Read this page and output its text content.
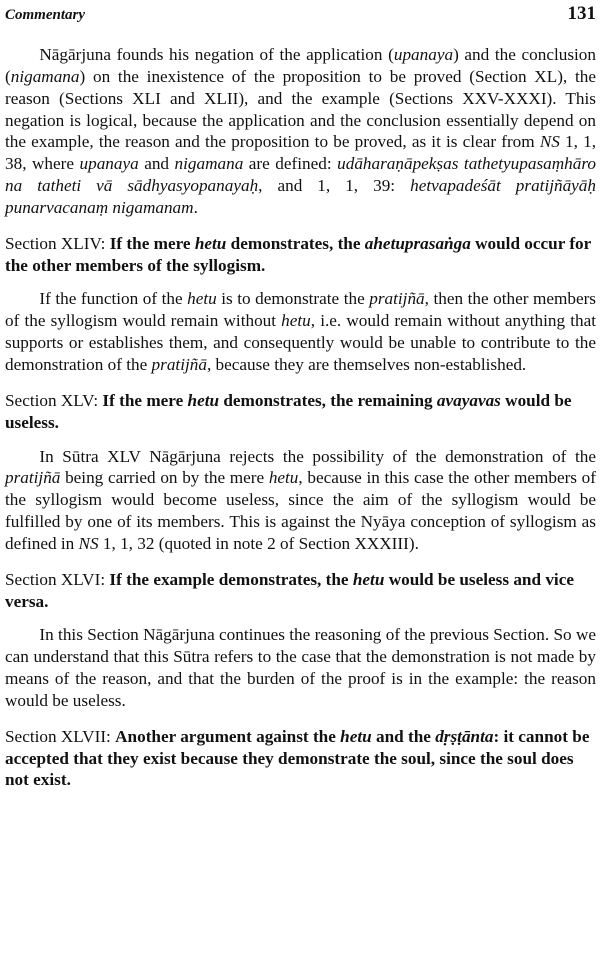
Commentary	131

Nāgārjuna founds his negation of the application (upanaya) and the conclusion (nigamana) on the inexistence of the proposition to be proved (Section XL), the reason (Sections XLI and XLII), and the example (Sections XXV-XXXI). This negation is logical, because the application and the conclusion essentially depend on the example, the reason and the proposition to be proved, as it is clear from NS 1, 1, 38, where upanaya and nigamana are defined: udāharaṇāpekṣas tathetyupasaṃhāro na tatheti vā sādhyasyopanayaḥ, and 1, 1, 39: hetvapadeśāt pratijñāyāḥ punarvacanaṃ nigamanam.

Section XLIV: If the mere hetu demonstrates, the ahetuprasaṅga would occur for the other members of the syllogism.

If the function of the hetu is to demonstrate the pratijñā, then the other members of the syllogism would remain without hetu, i.e. would remain without anything that supports or establishes them, and consequently would be unable to contribute to the demonstration of the pratijñā, because they are themselves non-established.

Section XLV: If the mere hetu demonstrates, the remaining avayavas would be useless.

In Sūtra XLV Nāgārjuna rejects the possibility of the demonstration of the pratijñā being carried on by the mere hetu, because in this case the other members of the syllogism would become useless, since the aim of the syllogism would be fulfilled by one of its members. This is against the Nyāya conception of syllogism as defined in NS 1, 1, 32 (quoted in note 2 of Section XXXIII).

Section XLVI: If the example demonstrates, the hetu would be useless and vice versa.

In this Section Nāgārjuna continues the reasoning of the previous Section. So we can understand that this Sūtra refers to the case that the demonstration is not made by means of the reason, and that the burden of the proof is in the example: the reason would be useless.

Section XLVII: Another argument against the hetu and the dṛṣṭānta: it cannot be accepted that they exist because they demonstrate the soul, since the soul does not exist.
